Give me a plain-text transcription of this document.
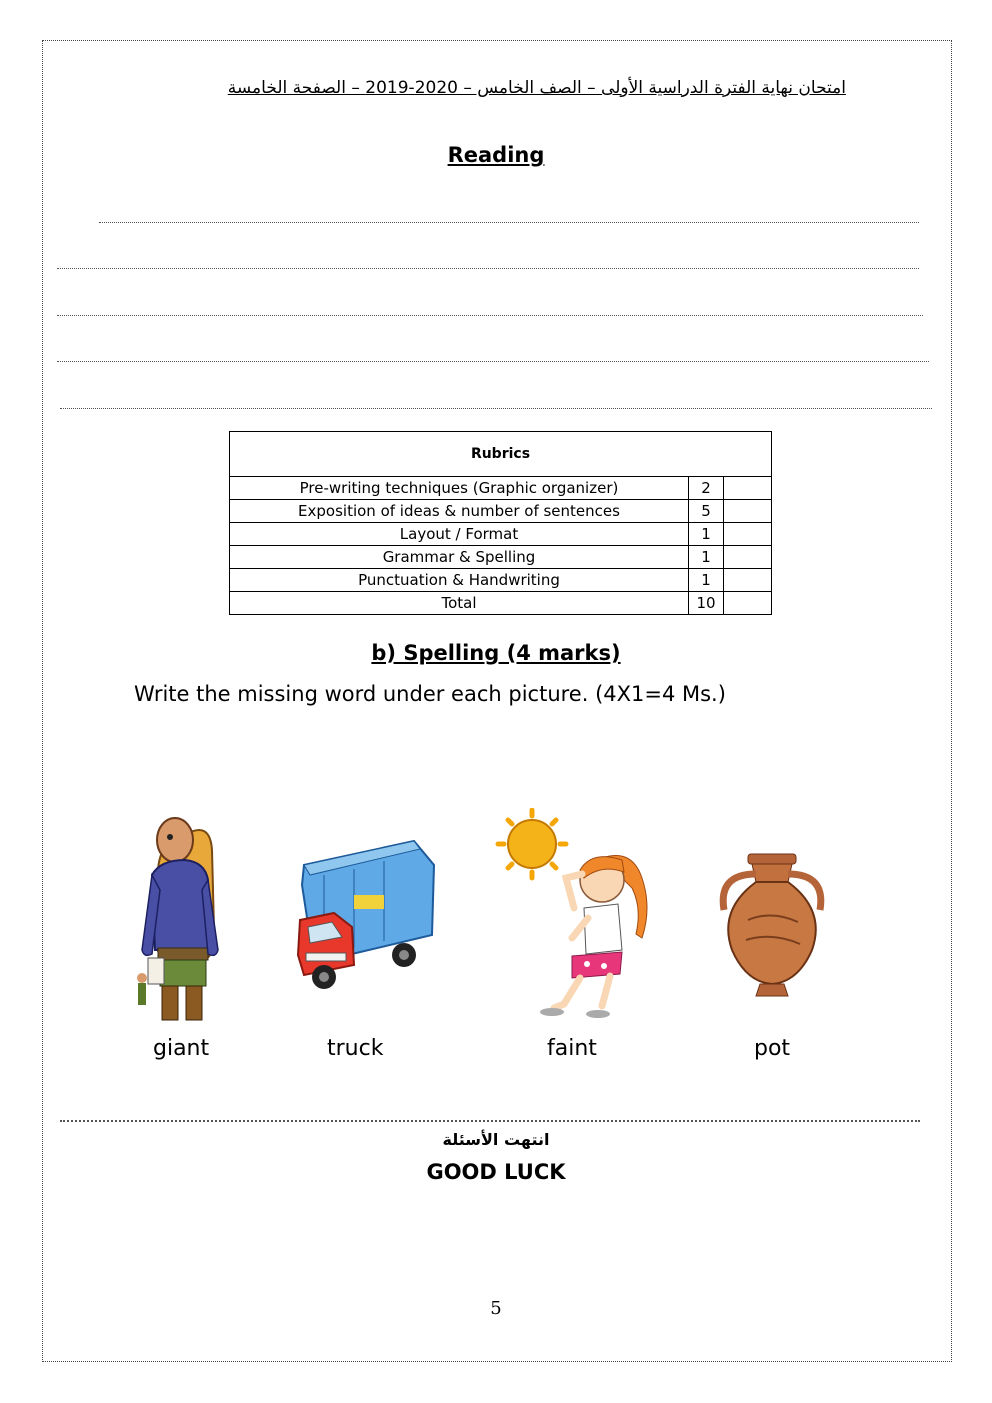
امتحان نهاية الفترة الدراسية الأولى – الصف الخامس – 2020-2019 – الصفحة الخامسة
Reading
Rubrics		
Pre-writing techniques (Graphic organizer)	2	
Exposition of ideas & number of sentences	5	
Layout / Format	1	
Grammar & Spelling	1	
Punctuation & Handwriting	1	
Total	10	
b) Spelling (4 marks)
Write the missing word under each picture. (4X1=4 Ms.)
giant	truck	faint	pot
انتهت الأسئلة
GOOD LUCK
5
